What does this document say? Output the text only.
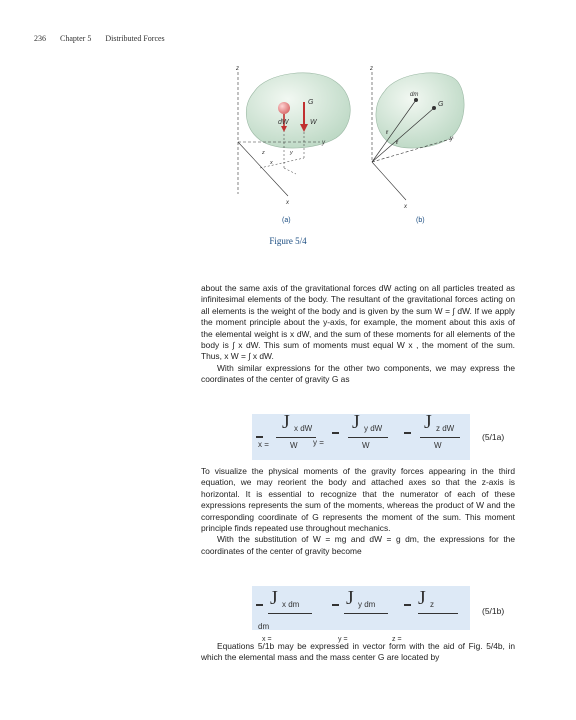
236 Chapter 5 Distributed Forces
z
y
x
G
dW	W
z
x
y
(a)
z
y
x
dm
G
r
r
(b)
Figure 5/4

about the same axis of the gravitational forces dW acting on all particles treated as infinitesimal elements of the body. The resultant of the gravitational forces acting on all elements is the weight of the body and is given by the sum W = ∫ dW. If we apply the moment principle about the y-axis, for example, the moment about this axis of the elemental weight is x dW, and the sum of these moments for all elements of the body is ∫ x dW. This sum of moments must equal W x , the moment of the sum. Thus, x W = ∫ x dW.

With similar expressions for the other two components, we may express the coordinates of the center of gravity G as

J x dW
W
x =	y =
J y dW
W
J z dW
W
(5/1a)

To visualize the physical moments of the gravity forces appearing in the third equation, we may reorient the body and attached axes so that the z-axis is horizontal. It is essential to recognize that the numerator of each of these expressions represents the sum of the moments, whereas the product of W and the corresponding coordinate of G represents the moment of the sum. This moment principle finds repeated use throughout mechanics.

With the substitution of W = mg and dW = g dm, the expressions for the coordinates of the center of gravity become

J x dm J y dm J z
(5/1b)
dm
x =	y =	z =

Equations 5/1b may be expressed in vector form with the aid of Fig. 5/4b, in which the elemental mass and the mass center G are located by
